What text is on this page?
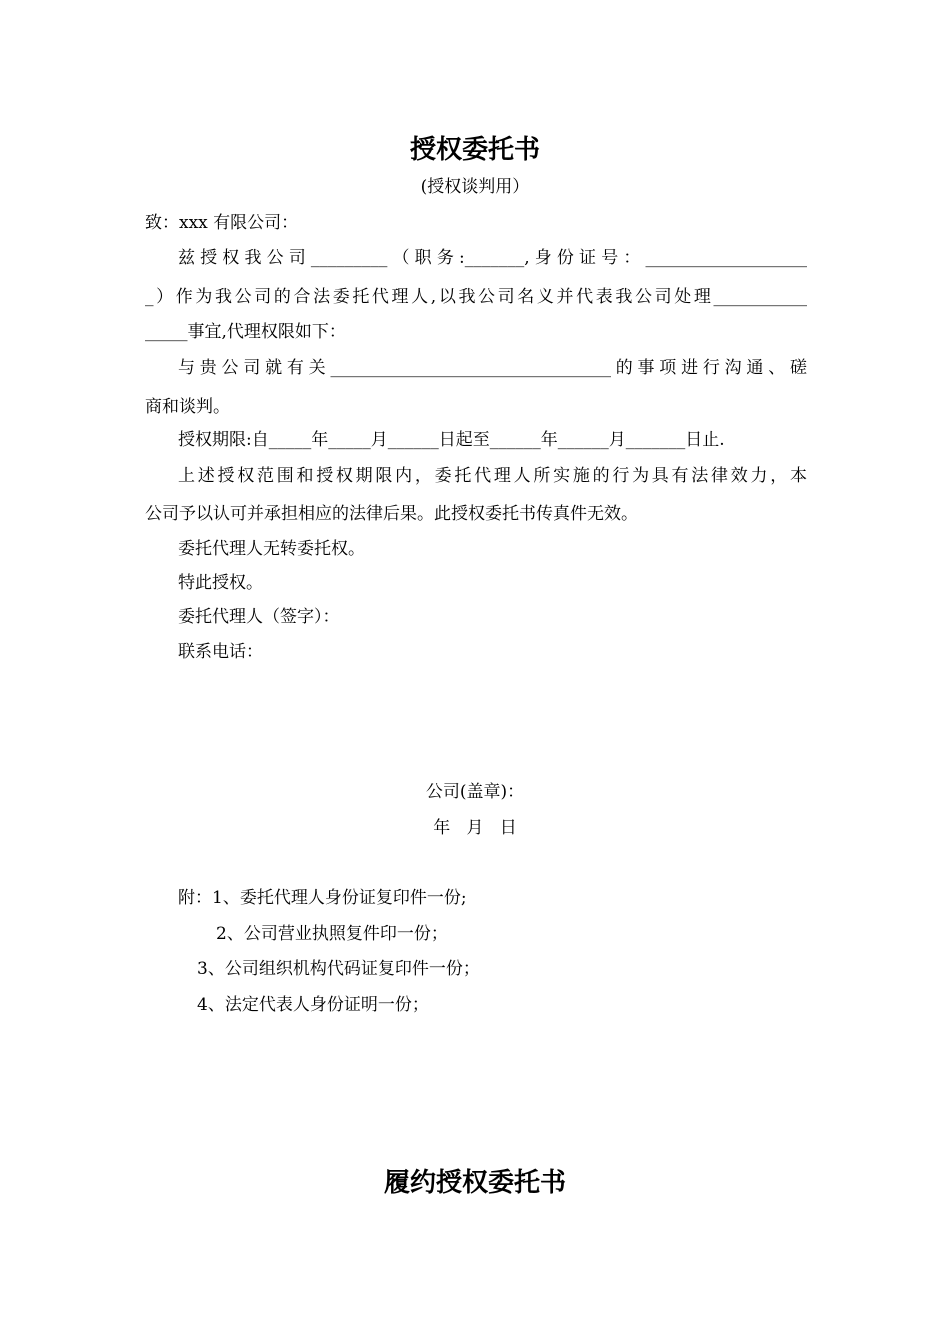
授权委托书
(授权谈判用）
致：xxx 有限公司：
兹授权我公司_________（职务:_______,身份证号：___________________
_）作为我公司的合法委托代理人,以我公司名义并代表我公司处理___________
_____事宜,代理权限如下：
与贵公司就有关_________________________________的事项进行沟通、磋
商和谈判。
授权期限:自_____年_____月______日起至______年______月_______日止.
上述授权范围和授权期限内，委托代理人所实施的行为具有法律效力，本
公司予以认可并承担相应的法律后果。此授权委托书传真件无效。
委托代理人无转委托权。
特此授权。
委托代理人（签字）：
联系电话：
公司(盖章)：
年   月   日
附：1、委托代理人身份证复印件一份;
2、公司营业执照复件印一份；
3、公司组织机构代码证复印件一份；
4、法定代表人身份证明一份；
履约授权委托书
